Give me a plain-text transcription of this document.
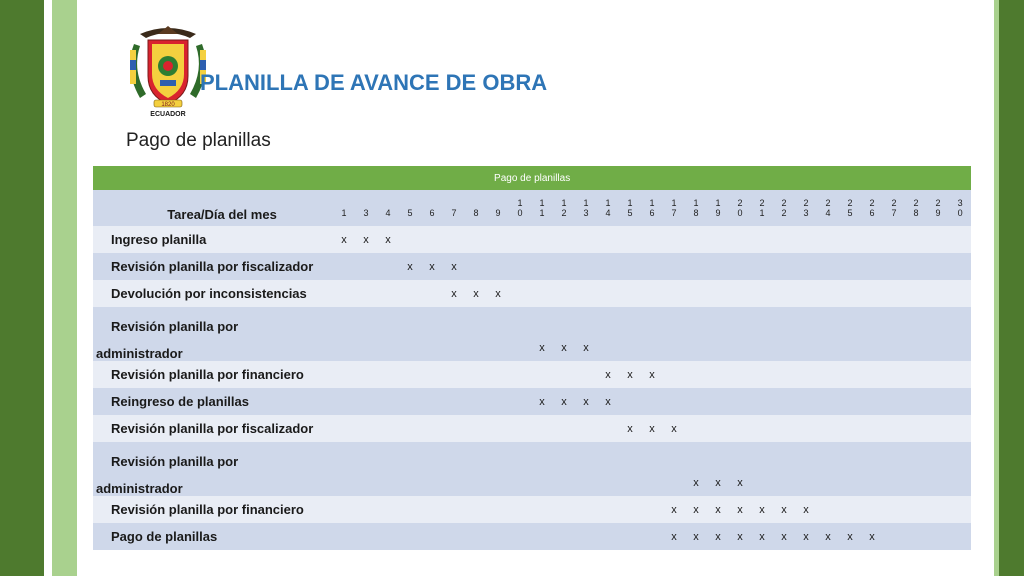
1820
ECUADOR
PLANILLA DE AVANCE DE OBRA
Pago de planillas
Pago de planillas																													
Tarea/Día del mes									1	1	1	1	1	1	1	1	1	1	2	2	2	2	2	2	2	2	2	2	3
	1	3	4	5	6	7	8	9	0	1	2	3	4	5	6	7	8	9	0	1	2	3	4	5	6	7	8	9	0
Ingreso planilla	x	x	x																										
Revisión planilla por fiscalizador				x	x	x																							
Devolución por inconsistencias						x	x	x																					
Revisión planilla por																													
administrador										x	x	x																	
Revisión planilla por financiero													x	x	x														
Reingreso de planillas										x	x	x	x																
Revisión planilla por fiscalizador														x	x	x													
Revisión planilla por																													
administrador																	x	x	x										
Revisión planilla por financiero																x	x	x	x	x	x	x							
Pago de planillas																x	x	x	x	x	x	x	x	x	x				
